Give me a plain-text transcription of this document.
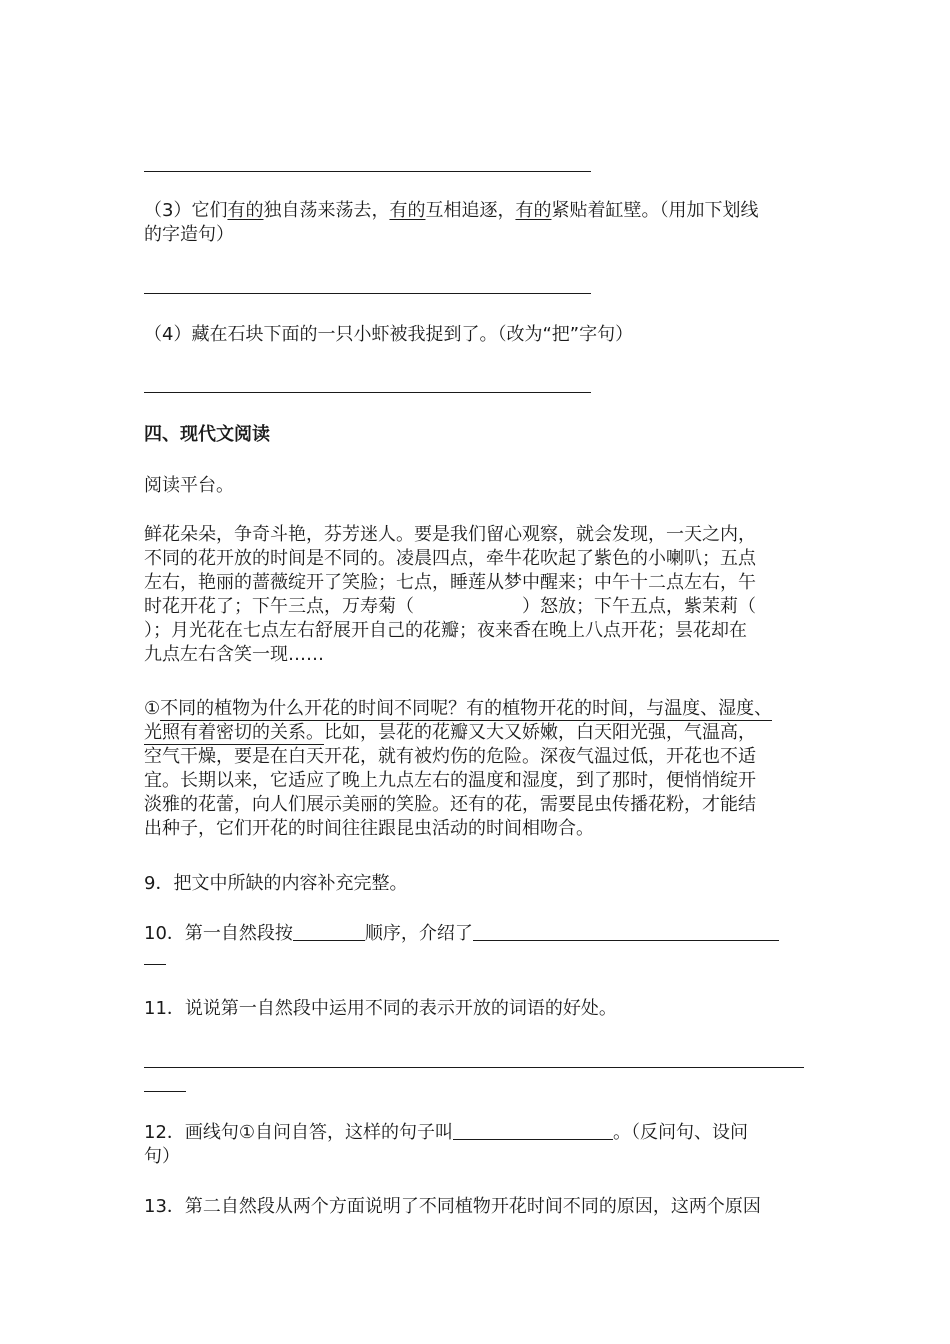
（3）它们有的独自荡来荡去，有的互相追逐，有的紧贴着缸壁。（用加下划线
的字造句）
（4）藏在石块下面的一只小虾被我捉到了。（改为“把”字句）
四、现代文阅读
阅读平台。
鲜花朵朵，争奇斗艳，芬芳迷人。要是我们留心观察，就会发现，一天之内，
不同的花开放的时间是不同的。凌晨四点，牵牛花吹起了紫色的小喇叭；五点
左右，艳丽的蔷薇绽开了笑脸；七点，睡莲从梦中醒来；中午十二点左右，午
时花开花了；下午三点，万寿菊（　　　　　　）怒放；下午五点，紫茉莉（
）；月光花在七点左右舒展开自己的花瓣；夜来香在晚上八点开花；昙花却在
九点左右含笑一现……
①不同的植物为什么开花的时间不同呢？有的植物开花的时间，与温度、湿度、
光照有着密切的关系。比如，昙花的花瓣又大又娇嫩，白天阳光强，气温高，
空气干燥，要是在白天开花，就有被灼伤的危险。深夜气温过低，开花也不适
宜。长期以来，它适应了晚上九点左右的温度和湿度，到了那时，便悄悄绽开
淡雅的花蕾，向人们展示美丽的笑脸。还有的花，需要昆虫传播花粉，才能结
出种子，它们开花的时间往往跟昆虫活动的时间相吻合。
9．把文中所缺的内容补充完整。
10．第一自然段按	顺序，介绍了
11．说说第一自然段中运用不同的表示开放的词语的好处。
12．画线句①自问自答，这样的句子叫	。（反问句、设问
句）
13．第二自然段从两个方面说明了不同植物开花时间不同的原因，这两个原因
